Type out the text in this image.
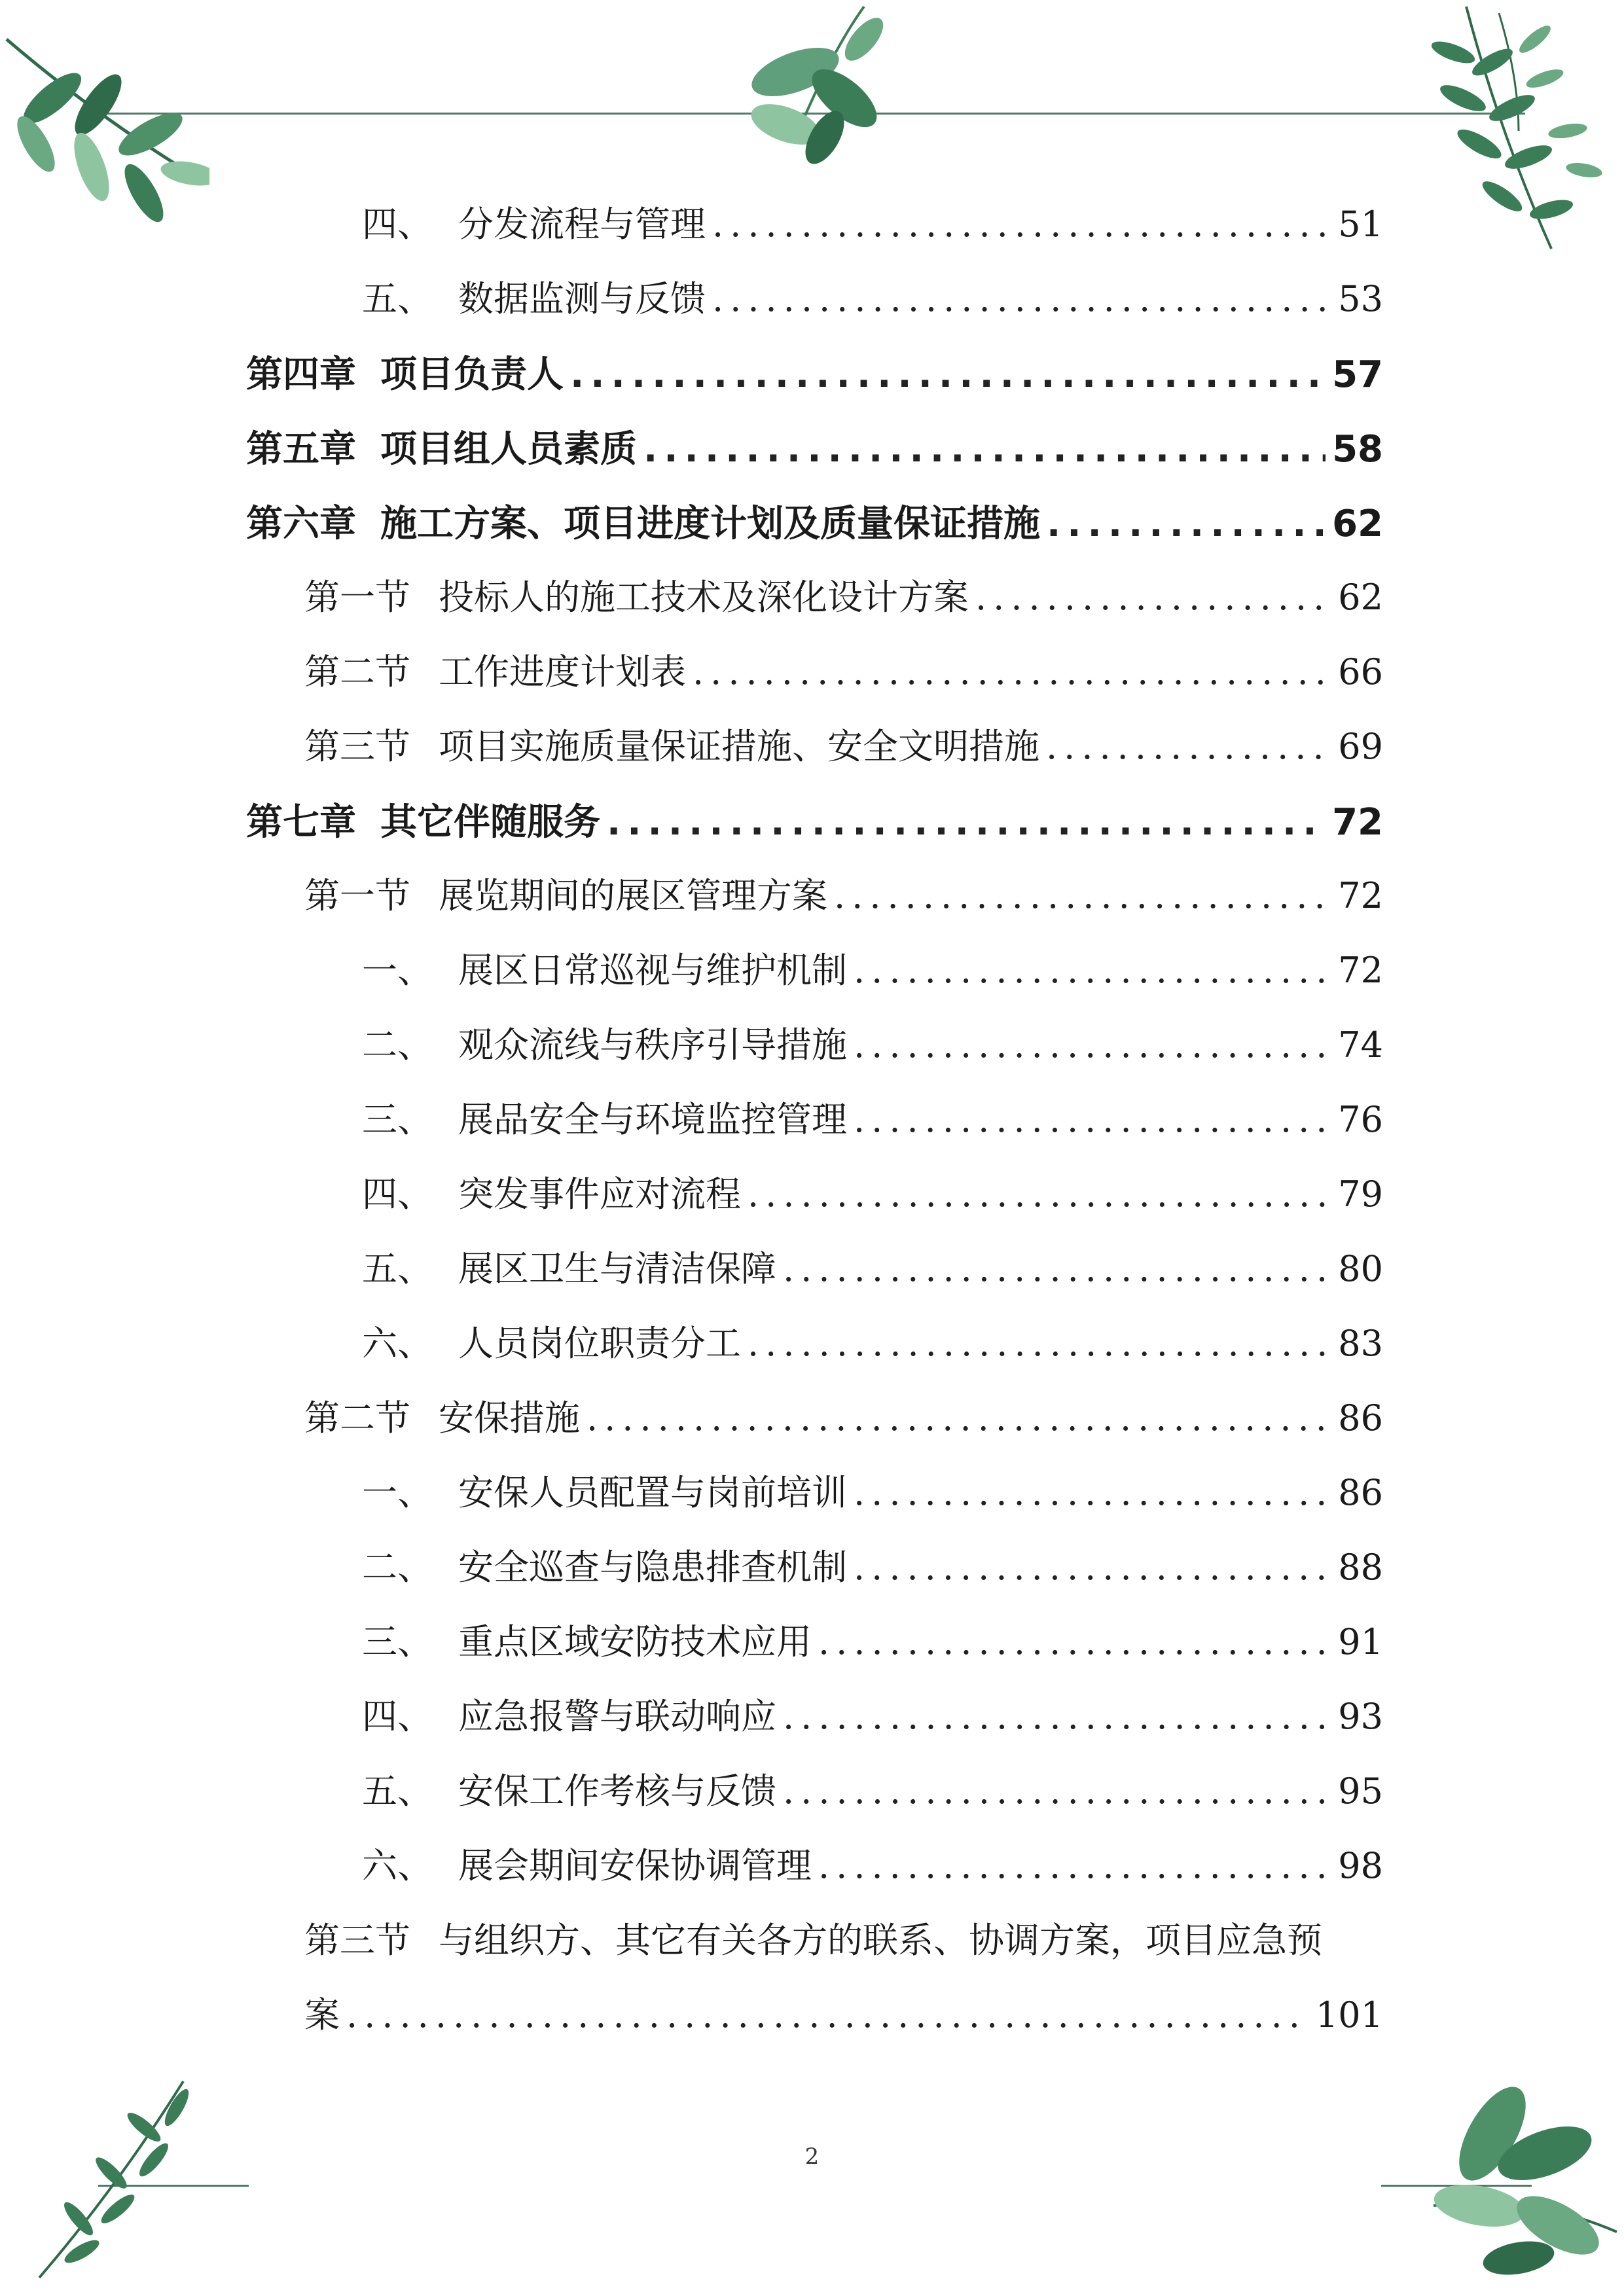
四、 分发流程与管理 .....	51
五、 数据监测与反馈 .....	53
第四章 项目负责人 .....	57
第五章 项目组人员素质 .....	58
第六章 施工方案、项目进度计划及质量保证措施 .....	62
第一节 投标人的施工技术及深化设计方案 .....	62
第二节 工作进度计划表 .....	66
第三节 项目实施质量保证措施、安全文明措施 .....	69
第七章 其它伴随服务 .....	72
第一节 展览期间的展区管理方案 .....	72
一、 展区日常巡视与维护机制 .....	72
二、 观众流线与秩序引导措施 .....	74
三、 展品安全与环境监控管理 .....	76
四、 突发事件应对流程 .....	79
五、 展区卫生与清洁保障 .....	80
六、 人员岗位职责分工 .....	83
第二节 安保措施 .....	86
一、 安保人员配置与岗前培训 .....	86
二、 安全巡查与隐患排查机制 .....	88
三、 重点区域安防技术应用 .....	91
四、 应急报警与联动响应 .....	93
五、 安保工作考核与反馈 .....	95
六、 展会期间安保协调管理 .....	98
第三节 与组织方、其它有关各方的联系、协调方案，项目应急预
案 .....	101
2
